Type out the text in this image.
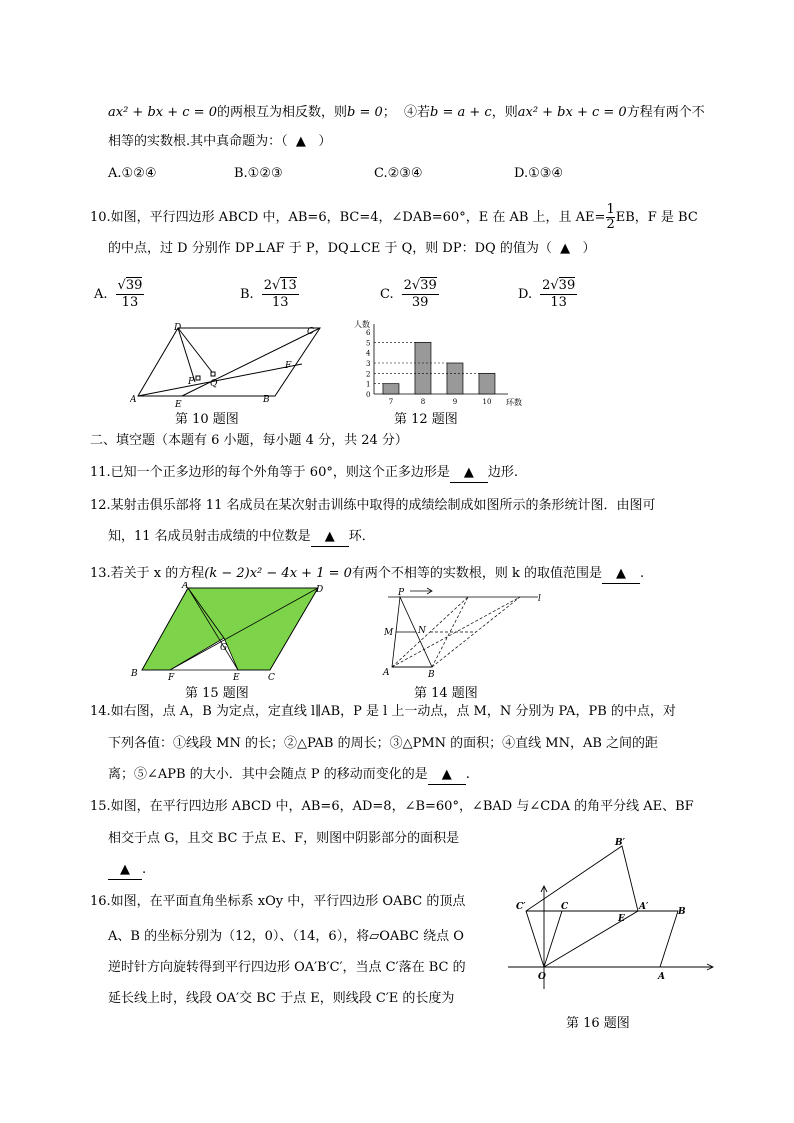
ax² + bx + c = 0的两根互为相反数，则b = 0； ④若b = a + c，则ax² + bx + c = 0方程有两个不
相等的实数根.其中真命题为：（ ▲ ）
A.①②④	B.①②③	C.②③④	D.①③④
10.如图，平行四边形 ABCD 中，AB=6，BC=4，∠DAB=60°，E 在 AB 上，且 $AE= \frac{1}{2}$ EB，F 是 BC
的中点，过 D 分别作 DP⊥AF 于 P，DQ⊥CE 于 Q，则 DP：DQ 的值为（ ▲ ）
A. $\frac{√39}{13}$	B. $\frac{2√13}{13}$	C. $\frac{2√39}{39}$	D. $\frac{2√39}{13}$
D	C
A	E	B
F
P Q
第 10 题图
人数
环数
0
1
2
3
4
5
6
7	8	9	10
第 12 题图
二、填空题（本题有 6 小题，每小题 4 分，共 24 分）
11.已知一个正多边形的每个外角等于 60°，则这个正多边形是 ▲ 边形.
12.某射击俱乐部将 11 名成员在某次射击训练中取得的成绩绘制成如图所示的条形统计图．由图可
知，11 名成员射击成绩的中位数是 ▲ 环．
13.若关于 x 的方程(k − 2)x² − 4x + 1 = 0有两个不相等的实数根，则 k 的取值范围是 ▲ .
A	D
B	F
G
E	C
第 15 题图
P
l
M	N
A	B
第 14 题图
14.如右图，点 A，B 为定点，定直线 l∥AB，P 是 l 上一动点，点 M，N 分别为 PA，PB 的中点，对
下列各值：①线段 MN 的长；②△PAB 的周长；③△PMN 的面积；④直线 MN，AB 之间的距
离；⑤∠APB 的大小．其中会随点 P 的移动而变化的是 ▲ .
15.如图，在平行四边形 ABCD 中，AB=6，AD=8，∠B=60°，∠BAD 与∠CDA 的角平分线 AE、BF
相交于点 G，且交 BC 于点 E、F，则图中阴影部分的面积是
▲ .
16.如图，在平面直角坐标系 xOy 中，平行四边形 OABC 的顶点
A、B 的坐标分别为（12，0）、（14，6），将▱OABC 绕点 O
逆时针方向旋转得到平行四边形 OA′B′C′，当点 C′落在 BC 的
延长线上时，线段 OA′交 BC 于点 E，则线段 C′E 的长度为
O	A
B
C
C′	A′
E
B′
第 16 题图
